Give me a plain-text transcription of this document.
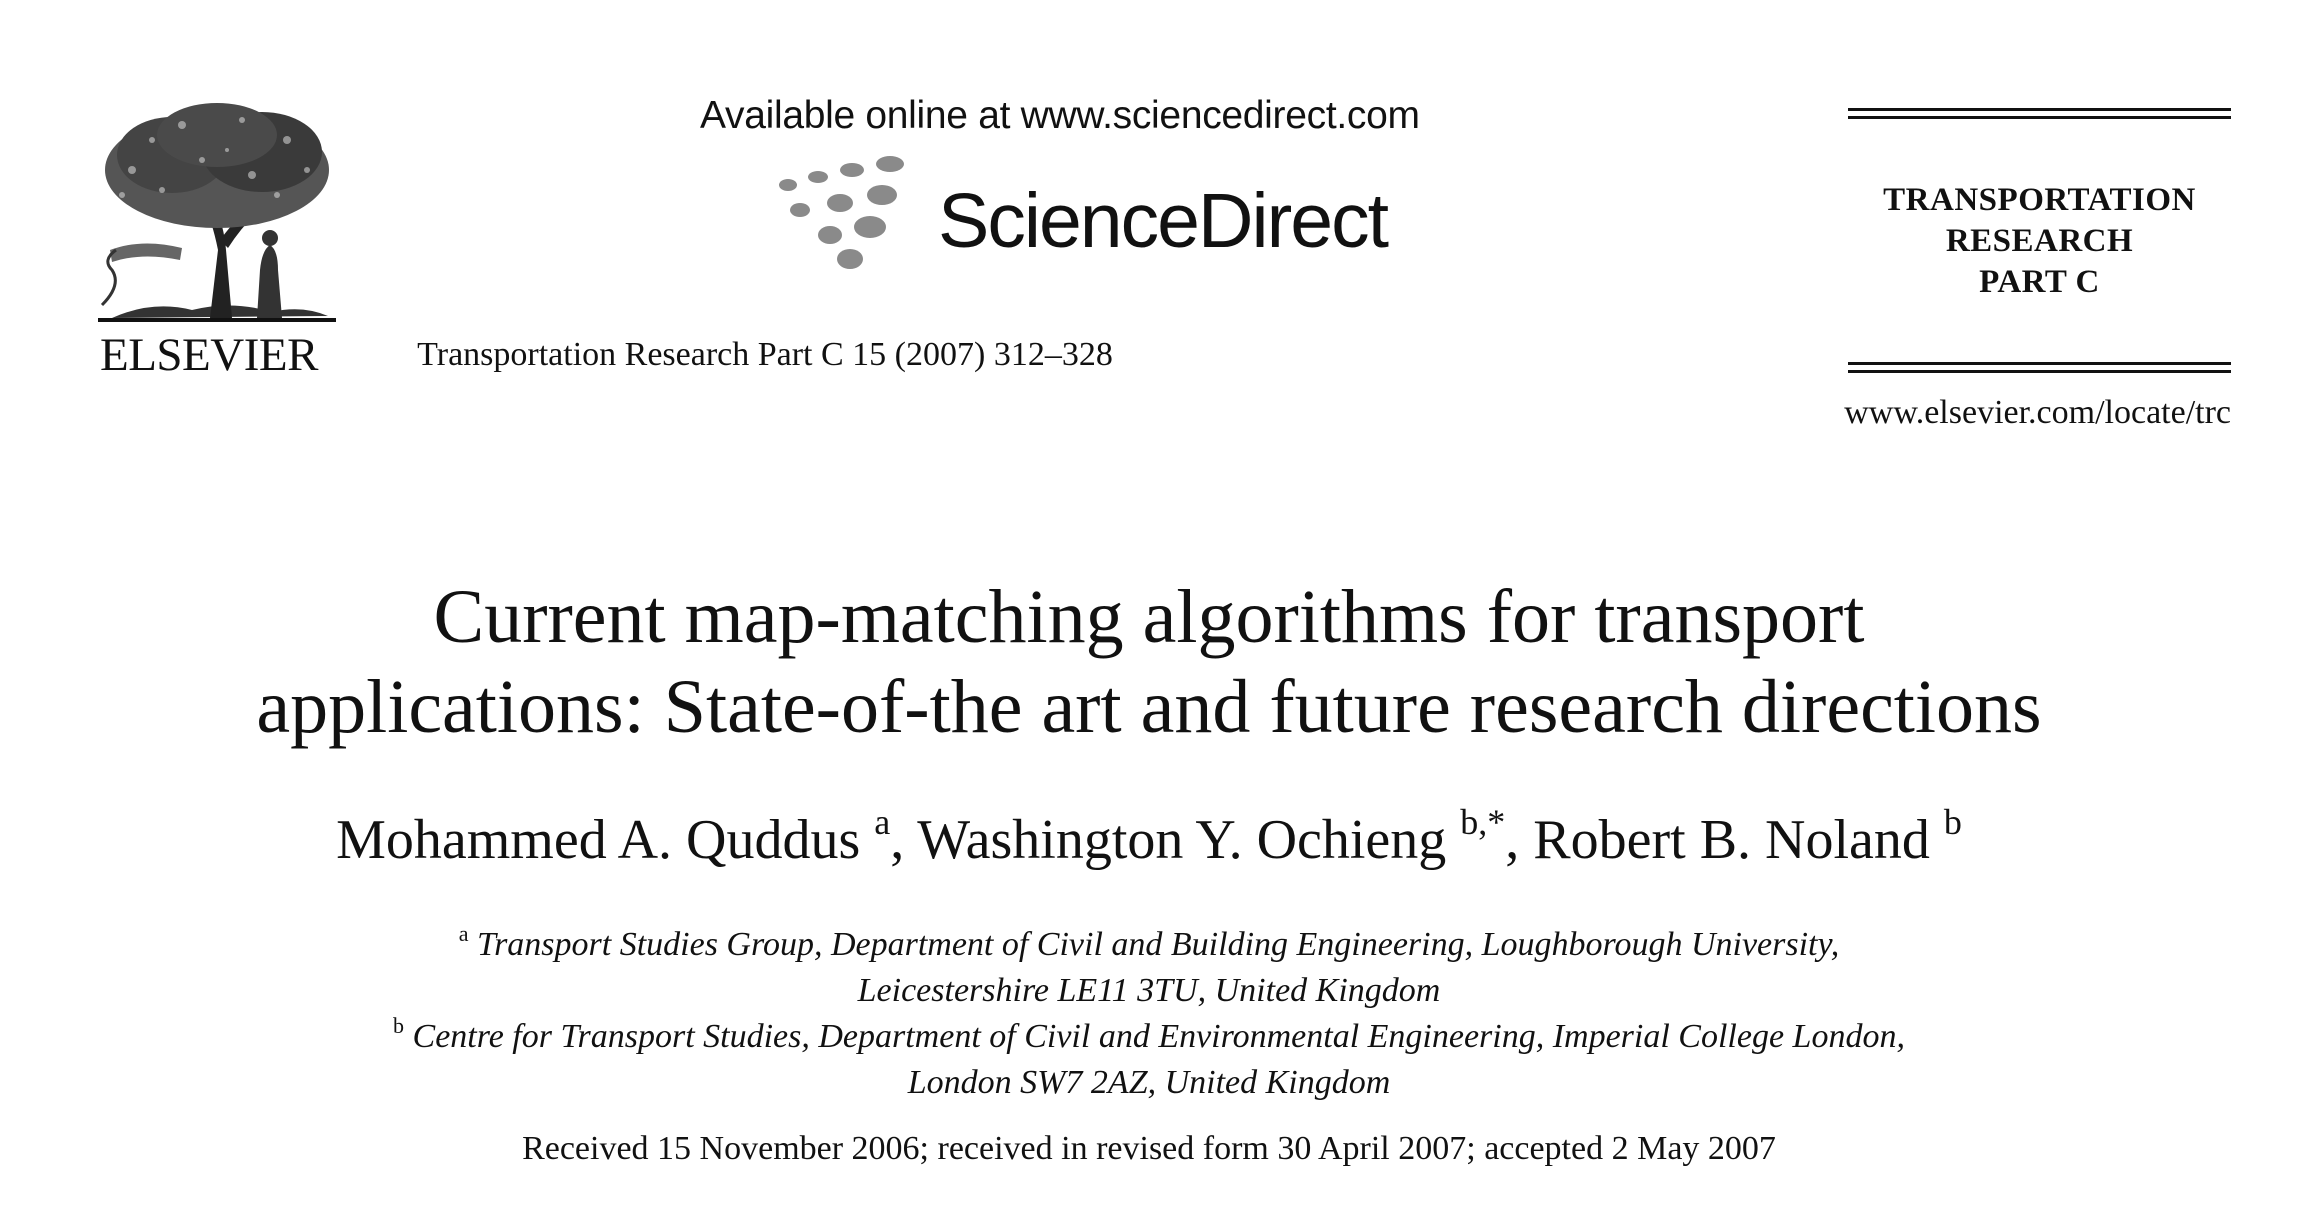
ELSEVIER
Available online at www.sciencedirect.com
ScienceDirect
Transportation Research Part C 15 (2007) 312–328
TRANSPORTATION
RESEARCH
PART C
www.elsevier.com/locate/trc
Current map-matching algorithms for transport
applications: State-of-the art and future research directions
Mohammed A. Quddus $^a$, Washington Y. Ochieng $^{b,*}$, Robert B. Noland $^b$
$^a$ Transport Studies Group, Department of Civil and Building Engineering, Loughborough University,
Leicestershire LE11 3TU, United Kingdom
$^b$ Centre for Transport Studies, Department of Civil and Environmental Engineering, Imperial College London,
London SW7 2AZ, United Kingdom
Received 15 November 2006; received in revised form 30 April 2007; accepted 2 May 2007
